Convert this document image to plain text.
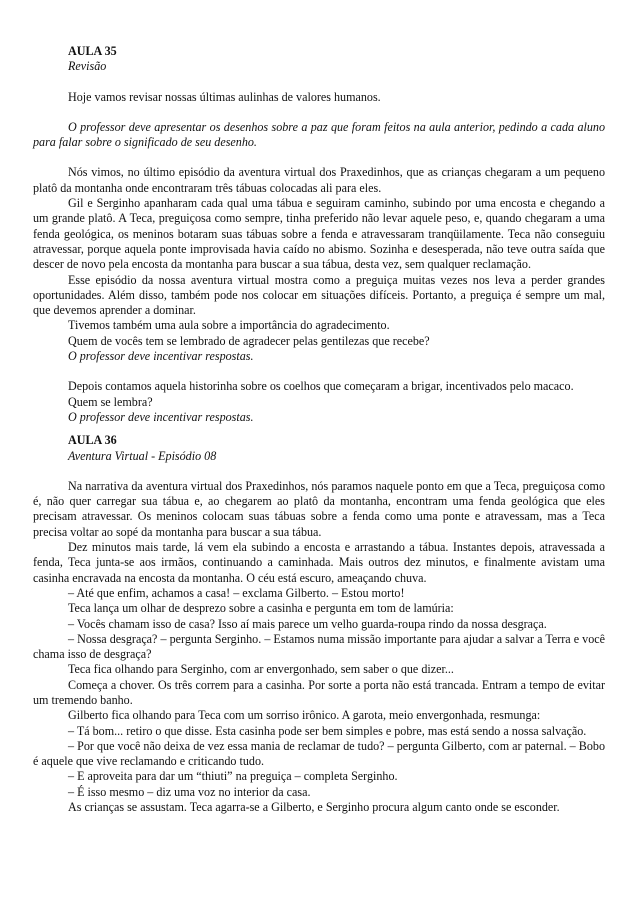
AULA 35

Revisão

Hoje vamos revisar nossas últimas aulinhas de valores humanos.

O professor deve apresentar os desenhos sobre a paz que foram feitos na aula anterior, pedindo a cada aluno para falar sobre o significado de seu desenho.

Nós vimos, no último episódio da aventura virtual dos Praxedinhos, que as crianças chegaram a um pequeno platô da montanha onde encontraram três tábuas colocadas ali para eles.

Gil e Serginho apanharam cada qual uma tábua e seguiram caminho, subindo por uma encosta e chegando a um grande platô. A Teca, preguiçosa como sempre, tinha preferido não levar aquele peso, e, quando chegaram a uma fenda geológica, os meninos botaram suas tábuas sobre a fenda e atravessaram tranqüilamente. Teca não conseguiu atravessar, porque aquela ponte improvisada havia caído no abismo. Sozinha e desesperada, não teve outra saída que descer de novo pela encosta da montanha para buscar a sua tábua, desta vez, sem qualquer reclamação.

Esse episódio da nossa aventura virtual mostra como a preguiça muitas vezes nos leva a perder grandes oportunidades. Além disso, também pode nos colocar em situações difíceis. Portanto, a preguiça é sempre um mal, que devemos aprender a dominar.

Tivemos também uma aula sobre a importância do agradecimento.

Quem de vocês tem se lembrado de agradecer pelas gentilezas que recebe?

O professor deve incentivar respostas.

Depois contamos aquela historinha sobre os coelhos que começaram a brigar, incentivados pelo macaco.

Quem se lembra?

O professor deve incentivar respostas.

AULA 36

Aventura Virtual - Episódio 08

Na narrativa da aventura virtual dos Praxedinhos, nós paramos naquele ponto em que a Teca, preguiçosa como é, não quer carregar sua tábua e, ao chegarem ao platô da montanha, encontram uma fenda geológica que eles precisam atravessar. Os meninos colocam suas tábuas sobre a fenda como uma ponte e atravessam, mas a Teca precisa voltar ao sopé da montanha para buscar a sua tábua.

Dez minutos mais tarde, lá vem ela subindo a encosta e arrastando a tábua. Instantes depois, atravessada a fenda, Teca junta-se aos irmãos, continuando a caminhada. Mais outros dez minutos, e finalmente avistam uma casinha encravada na encosta da montanha. O céu está escuro, ameaçando chuva.

– Até que enfim, achamos a casa! – exclama Gilberto. – Estou morto!

Teca lança um olhar de desprezo sobre a casinha e pergunta em tom de lamúria:

– Vocês chamam isso de casa? Isso aí mais parece um velho guarda-roupa rindo da nossa desgraça.

– Nossa desgraça? – pergunta Serginho. – Estamos numa missão importante para ajudar a salvar a Terra e você chama isso de desgraça?

Teca fica olhando para Serginho, com ar envergonhado, sem saber o que dizer...

Começa a chover. Os três correm para a casinha. Por sorte a porta não está trancada. Entram a tempo de evitar um tremendo banho.

Gilberto fica olhando para Teca com um sorriso irônico. A garota, meio envergonhada, resmunga:

– Tá bom... retiro o que disse. Esta casinha pode ser bem simples e pobre, mas está sendo a nossa salvação.

– Por que você não deixa de vez essa mania de reclamar de tudo? – pergunta Gilberto, com ar paternal. – Bobo é aquele que vive reclamando e criticando tudo.

– E aproveita para dar um “thiuti” na preguiça – completa Serginho.

– É isso mesmo – diz uma voz no interior da casa.

As crianças se assustam. Teca agarra-se a Gilberto, e Serginho procura algum canto onde se esconder.
